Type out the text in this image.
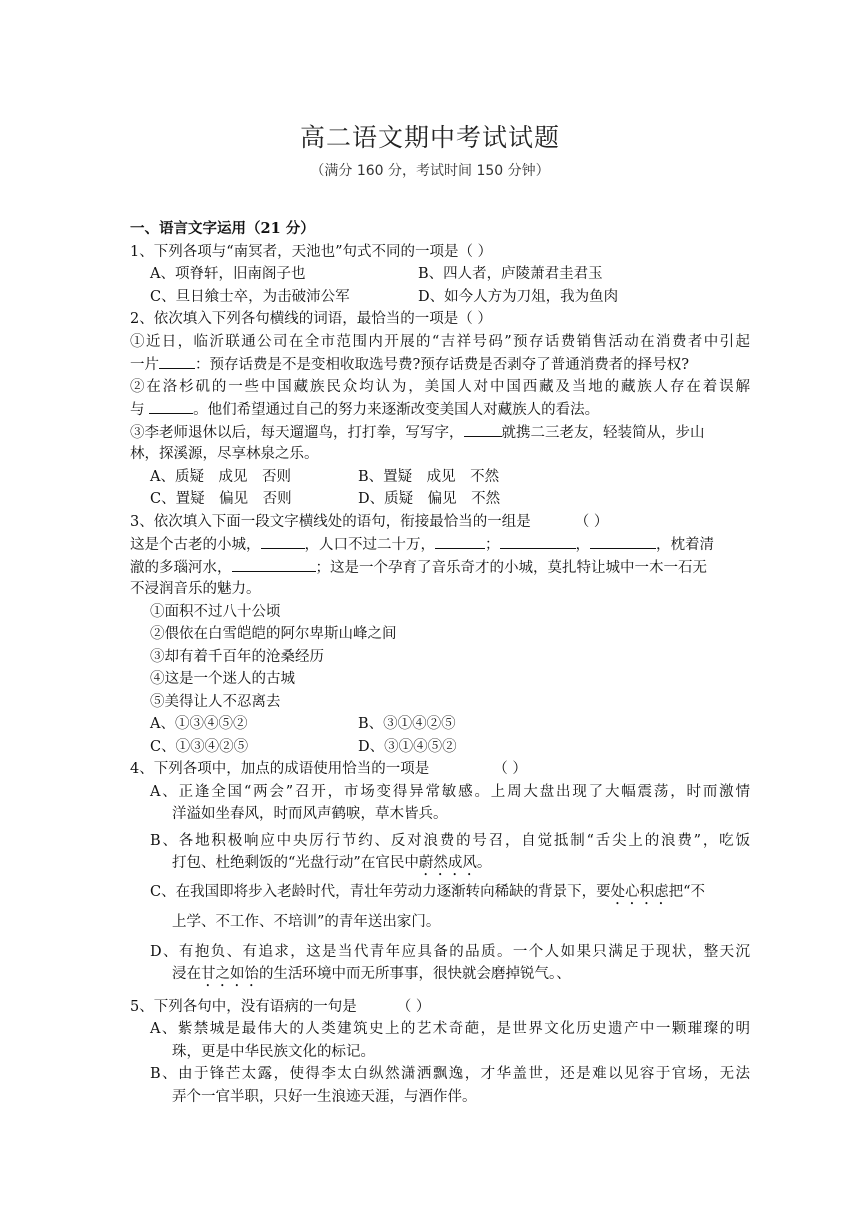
高二语文期中考试试题
（满分 160 分，考试时间 150 分钟）
一、语言文字运用（21 分）
1、下列各项与“南冥者，天池也”句式不同的一项是（ ）
A、项脊轩，旧南阁子也	B、四人者，庐陵萧君圭君玉
C、旦日飨士卒，为击破沛公军	D、如今人方为刀俎，我为鱼肉
2、依次填入下列各句横线的词语，最恰当的一项是（ ）
①近日，临沂联通公司在全市范围内开展的“吉祥号码”预存话费销售活动在消费者中引起
一片 ：预存话费是不是变相收取选号费?预存话费是否剥夺了普通消费者的择号权?
②在洛杉矶的一些中国藏族民众均认为，美国人对中国西藏及当地的藏族人存在着误解
与	。他们希望通过自己的努力来逐渐改变美国人对藏族人的看法。
③李老师退休以后，每天遛遛鸟，打打拳，写写字，	就携二三老友，轻装简从，步山
林，探溪源，尽享林泉之乐。
A、质疑　成见　否则	B、置疑　成见　不然
C、置疑　偏见　否则	D、质疑　偏见　不然
3、依次填入下面一段文字横线处的语句，衔接最恰当的一组是	（ ）
这是个古老的小城，	，人口不过二十万，	；	，	，枕着清
澈的多瑙河水，	；这是一个孕育了音乐奇才的小城，莫扎特让城中一木一石无
不浸润音乐的魅力。
①面积不过八十公顷
②偎依在白雪皑皑的阿尔卑斯山峰之间
③却有着千百年的沧桑经历
④这是一个迷人的古城
⑤美得让人不忍离去
A、①③④⑤②	B、③①④②⑤
C、①③④②⑤	D、③①④⑤②
4、下列各项中，加点的成语使用恰当的一项是	（ ）
A、正逢全国“两会”召开，市场变得异常敏感。上周大盘出现了大幅震荡，时而激情
洋溢如坐春风，时而风声鹤唳，草木皆兵。
B、各地积极响应中央厉行节约、反对浪费的号召，自觉抵制“舌尖上的浪费”，吃饭
打包、杜绝剩饭的“光盘行动”在官民中蔚然成风。
C、在我国即将步入老龄时代，青壮年劳动力逐渐转向稀缺的背景下，要处心积虑把“不
上学、不工作、不培训”的青年送出家门。
D、有抱负、有追求，这是当代青年应具备的品质。一个人如果只满足于现状，整天沉
浸在甘之如饴的生活环境中而无所事事，很快就会磨掉锐气。、
5、下列各句中，没有语病的一句是	（ ）
A、紫禁城是最伟大的人类建筑史上的艺术奇葩，是世界文化历史遗产中一颗璀璨的明
珠，更是中华民族文化的标记。
B、由于锋芒太露，使得李太白纵然潇洒飘逸，才华盖世，还是难以见容于官场，无法
弄个一官半职，只好一生浪迹天涯，与酒作伴。
